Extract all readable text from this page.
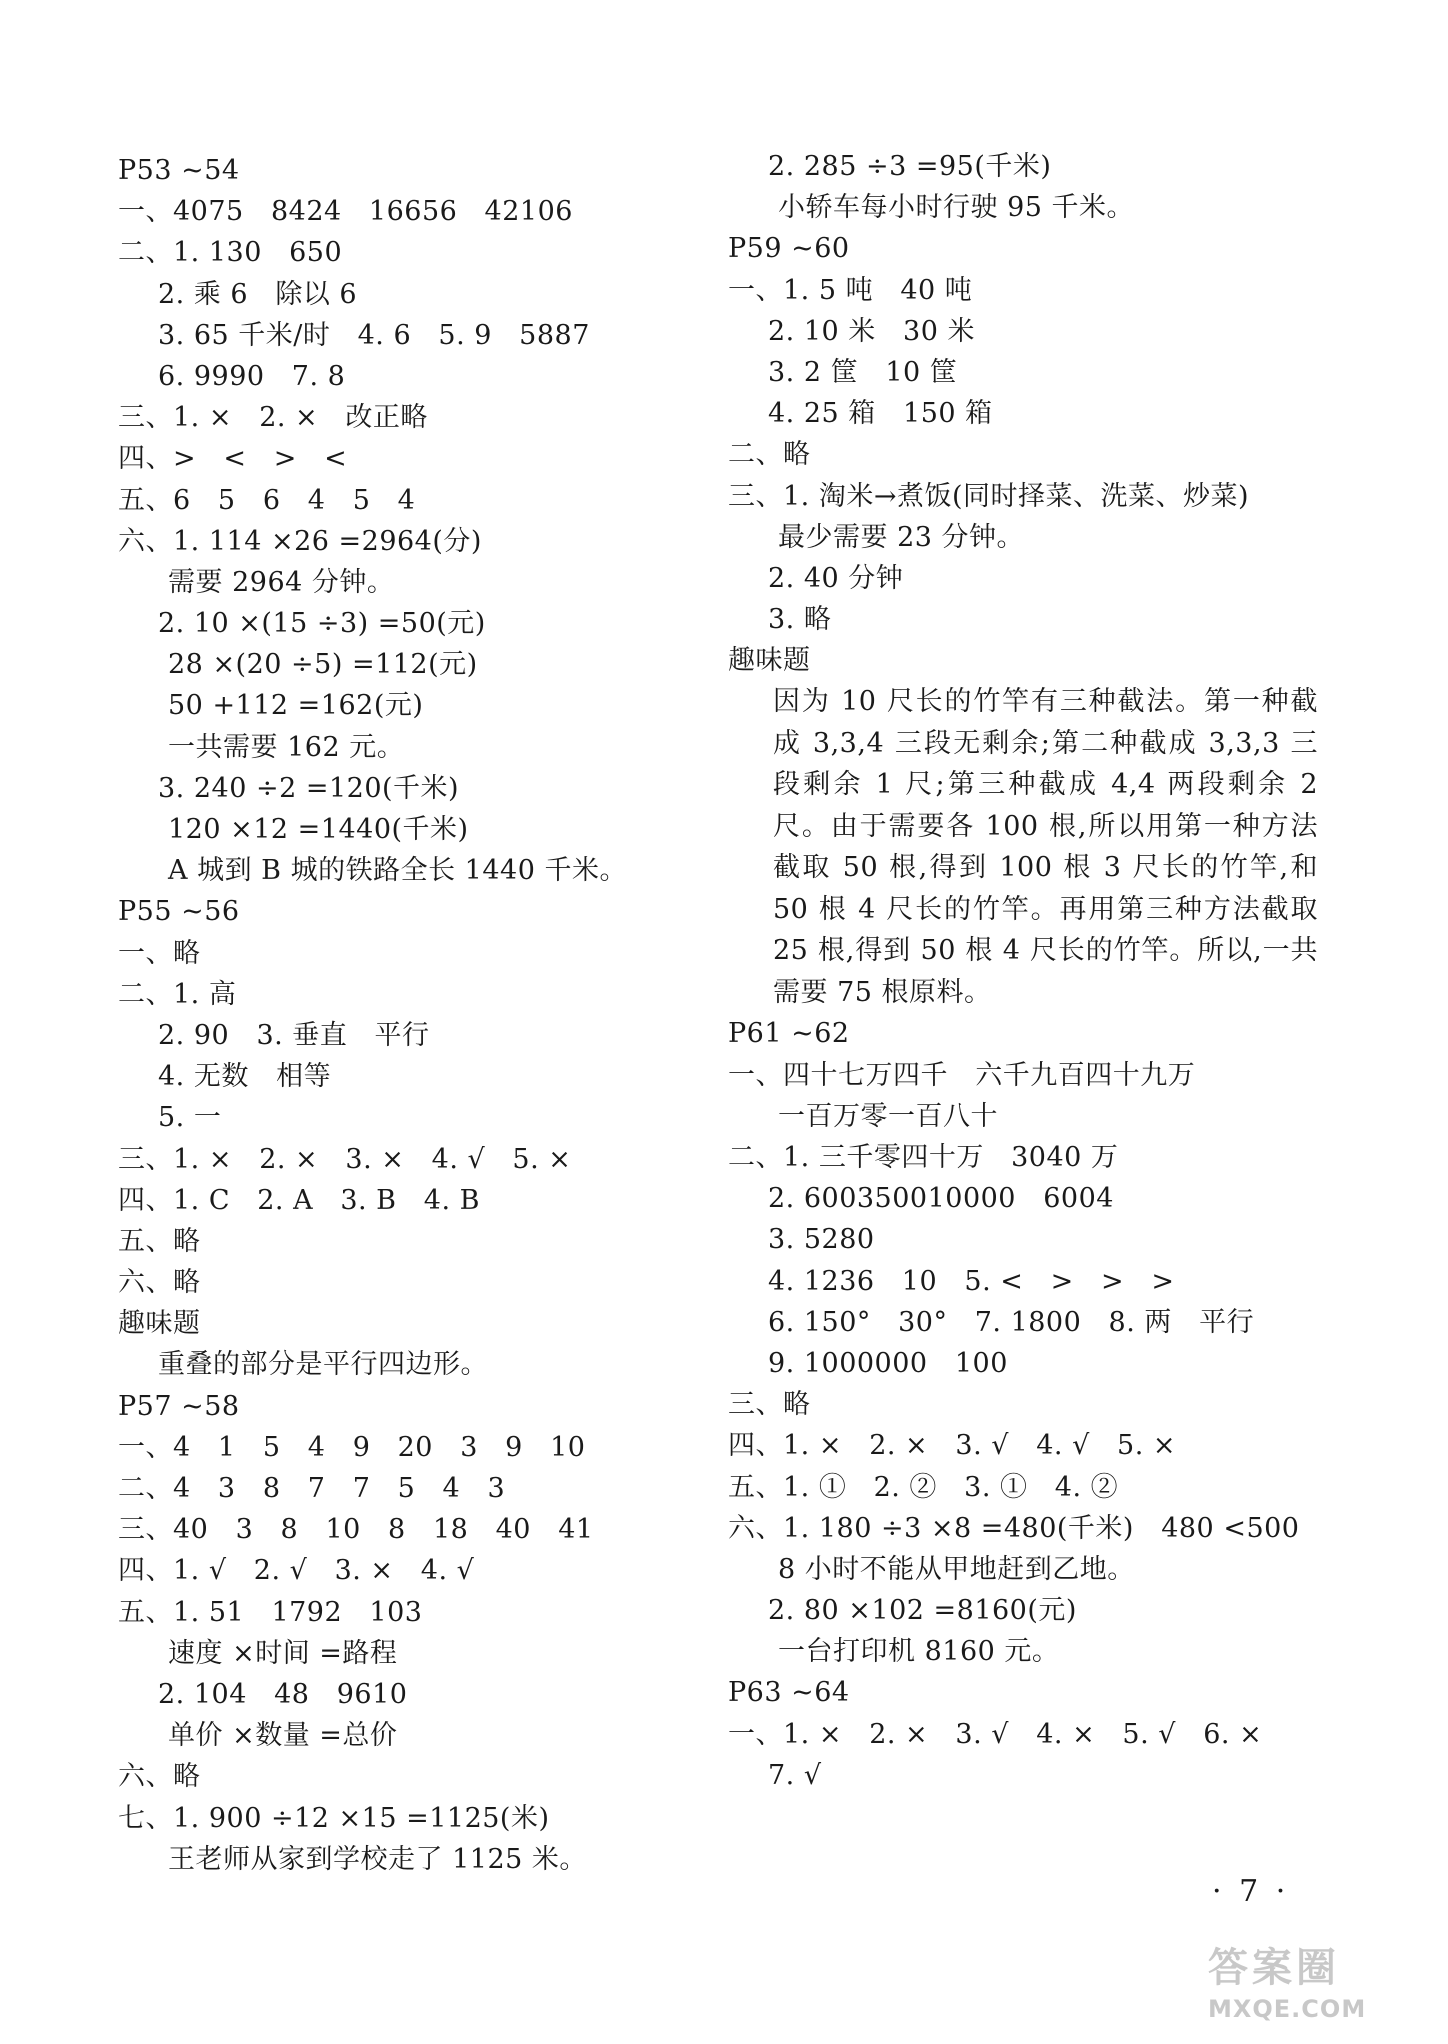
P53 ~54
一、4075   8424   16656   42106
二、1. 130   650
2. 乘 6   除以 6
3. 65 千米/时   4. 6   5. 9   5887
6. 9990   7. 8
三、1. ×   2. ×   改正略
四、>   <   >   <
五、6   5   6   4   5   4
六、1. 114 ×26 =2964(分)
需要 2964 分钟。
2. 10 ×(15 ÷3) =50(元)
28 ×(20 ÷5) =112(元)
50 +112 =162(元)
一共需要 162 元。
3. 240 ÷2 =120(千米)
120 ×12 =1440(千米)
A 城到 B 城的铁路全长 1440 千米。
P55 ~56
一、略
二、1. 高
2. 90   3. 垂直   平行
4. 无数   相等
5. 一
三、1. ×   2. ×   3. ×   4. √   5. ×
四、1. C   2. A   3. B   4. B
五、略
六、略
趣味题
重叠的部分是平行四边形。
P57 ~58
一、4   1   5   4   9   20   3   9   10
二、4   3   8   7   7   5   4   3
三、40   3   8   10   8   18   40   41
四、1. √   2. √   3. ×   4. √
五、1. 51   1792   103
速度 ×时间 =路程
2. 104   48   9610
单价 ×数量 =总价
六、略
七、1. 900 ÷12 ×15 =1125(米)
王老师从家到学校走了 1125 米。
2. 285 ÷3 =95(千米)
小轿车每小时行驶 95 千米。
P59 ~60
一、1. 5 吨   40 吨
2. 10 米   30 米
3. 2 筐   10 筐
4. 25 箱   150 箱
二、略
三、1. 淘米→煮饭(同时择菜、洗菜、炒菜)
最少需要 23 分钟。
2. 40 分钟
3. 略
趣味题
因为 10 尺长的竹竿有三种截法。第一种截成 3,3,4 三段无剩余;第二种截成 3,3,3 三段剩余 1 尺;第三种截成 4,4 两段剩余 2 尺。由于需要各 100 根,所以用第一种方法截取 50 根,得到 100 根 3 尺长的竹竿,和 50 根 4 尺长的竹竿。再用第三种方法截取 25 根,得到 50 根 4 尺长的竹竿。所以,一共需要 75 根原料。
P61 ~62
一、四十七万四千   六千九百四十九万
一百万零一百八十
二、1. 三千零四十万   3040 万
2. 600350010000   6004
3. 5280
4. 1236   10   5. <   >   >   >
6. 150°   30°   7. 1800   8. 两   平行
9. 1000000   100
三、略
四、1. ×   2. ×   3. √   4. √   5. ×
五、1. ①   2. ②   3. ①   4. ②
六、1. 180 ÷3 ×8 =480(千米)   480 <500
8 小时不能从甲地赶到乙地。
2. 80 ×102 =8160(元)
一台打印机 8160 元。
P63 ~64
一、1. ×   2. ×   3. √   4. ×   5. √   6. ×
7. √
· 7 ·
答案圈
MXQE.COM
